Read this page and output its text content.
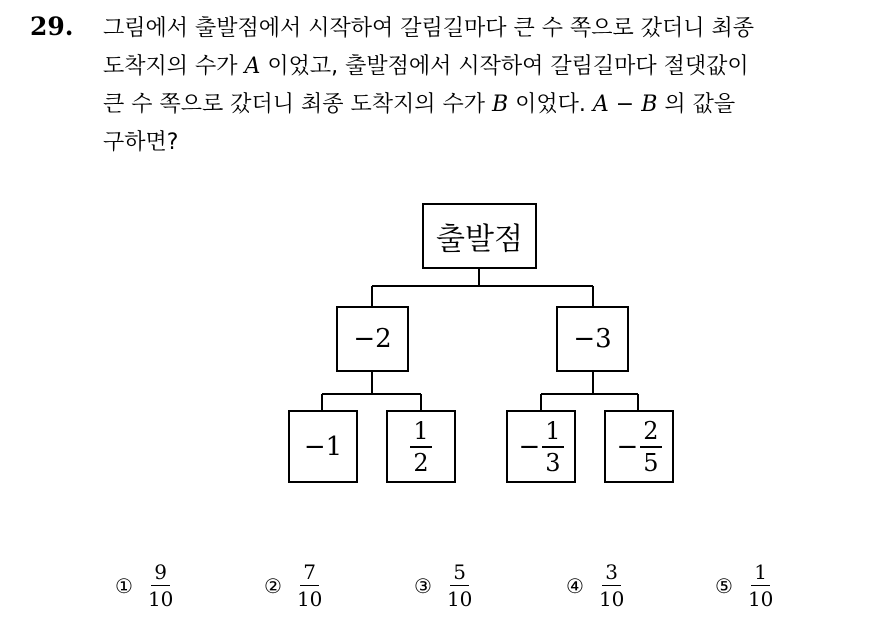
29. 그림에서 출발점에서 시작하여 갈림길마다 큰 수 쪽으로 갔더니 최종
도착지의 수가 A 이었고, 출발점에서 시작하여 갈림길마다 절댓값이
큰 수 쪽으로 갔더니 최종 도착지의 수가 B 이었다. A − B 의 값을
구하면?
출발점
−2	−3
−1	$\frac{1}{2}$	− $\frac{1}{3} - \frac{2}{5}$
① $\frac{9}{10}$	② $\frac{7}{10}$	③ $\frac{5}{10}$	④ $\frac{3}{10}$	⑤ $\frac{1}{10}$
